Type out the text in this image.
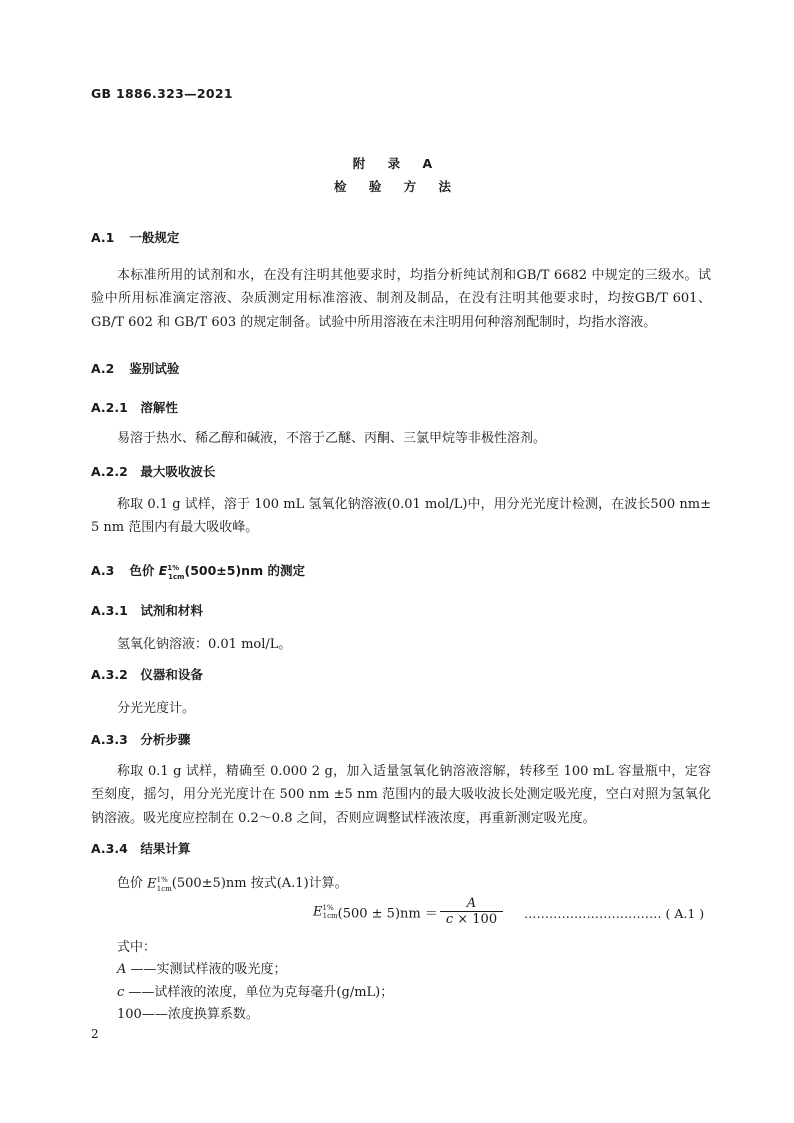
GB 1886.323—2021
附 录 A
检 验 方 法
A.1 一般规定
本标准所用的试剂和水，在没有注明其他要求时，均指分析纯试剂和GB/T 6682 中规定的三级水。试验中所用标准滴定溶液、杂质测定用标准溶液、制剂及制品，在没有注明其他要求时，均按GB/T 601、GB/T 602 和 GB/T 603 的规定制备。试验中所用溶液在未注明用何种溶剂配制时，均指水溶液。
A.2 鉴别试验
A.2.1 溶解性
易溶于热水、稀乙醇和碱液，不溶于乙醚、丙酮、三氯甲烷等非极性溶剂。
A.2.2 最大吸收波长
称取 0.1 g 试样，溶于 100 mL 氢氧化钠溶液(0.01 mol/L)中，用分光光度计检测，在波长500 nm± 5 nm 范围内有最大吸收峰。
A.3 色价 $E^{1\%}_{1cm}(500\pm 5)nm$ 的测定
A.3.1 试剂和材料
氢氧化钠溶液：0.01 mol/L。
A.3.2 仪器和设备
分光光度计。
A.3.3 分析步骤
称取 0.1 g 试样，精确至 0.000 2 g，加入适量氢氧化钠溶液溶解，转移至 100 mL 容量瓶中，定容至刻度，摇匀，用分光光度计在 500 nm ±5 nm 范围内的最大吸收波长处测定吸光度，空白对照为氢氧化钠溶液。吸光度应控制在 0.2～0.8 之间，否则应调整试样液浓度，再重新测定吸光度。
A.3.4 结果计算
色价 $E^{1\%}_{1cm}(500\pm 5)nm$ 按式(A.1)计算。
$E^{1\%}_{1cm}(500 \pm 5)nm = \frac{A}{c \times 100}$ …………………………… ( A.1 )
式中：
A ——实测试样液的吸光度；
c ——试样液的浓度，单位为克每毫升(g/mL)；
100——浓度换算系数。
2
